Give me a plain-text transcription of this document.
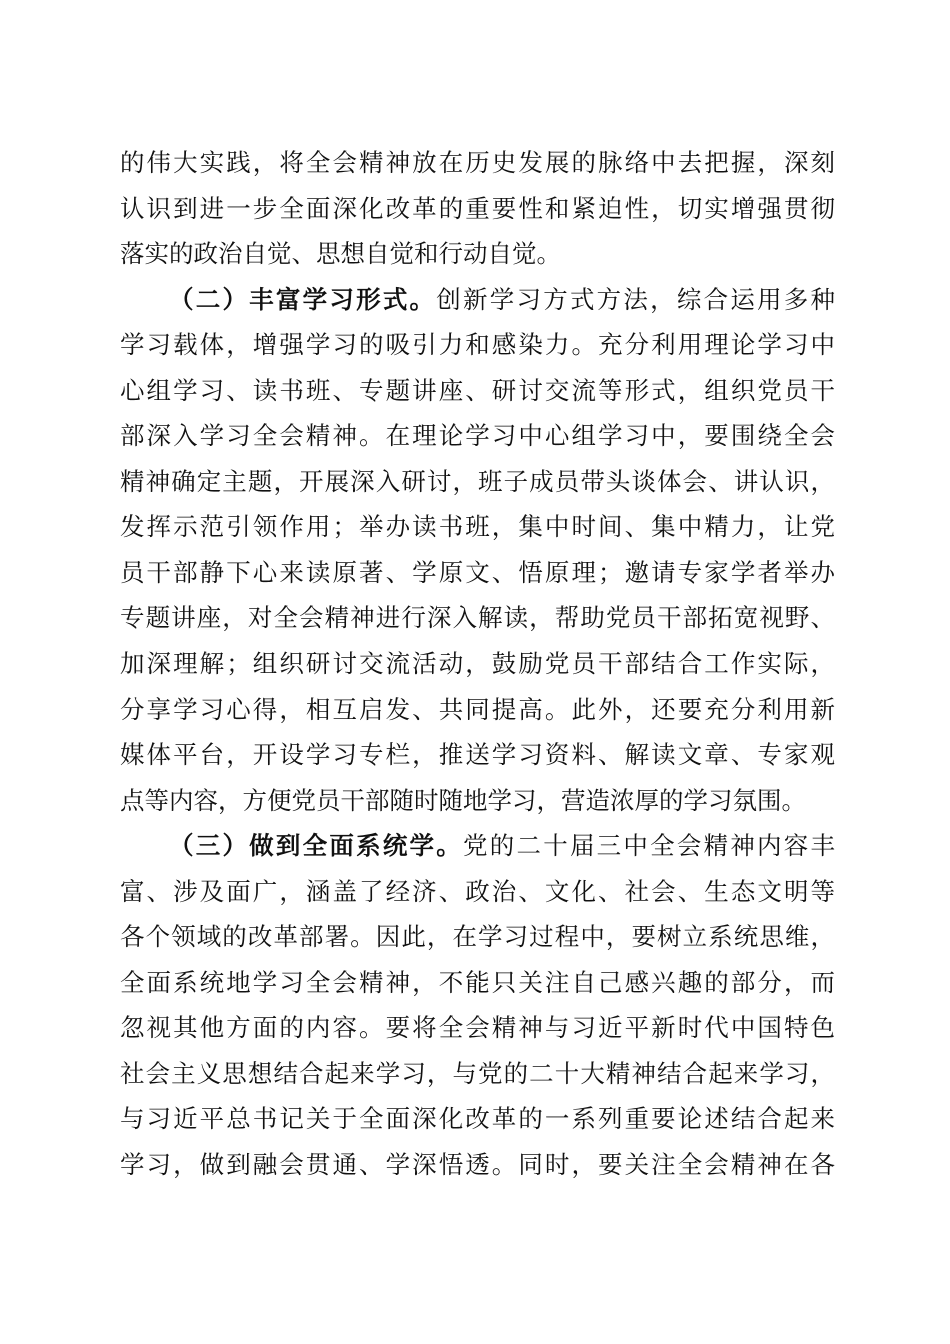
的伟大实践，将全会精神放在历史发展的脉络中去把握，深刻
认识到进一步全面深化改革的重要性和紧迫性，切实增强贯彻
落实的政治自觉、思想自觉和行动自觉。
（二）丰富学习形式。创新学习方式方法，综合运用多种
学习载体，增强学习的吸引力和感染力。充分利用理论学习中
心组学习、读书班、专题讲座、研讨交流等形式，组织党员干
部深入学习全会精神。在理论学习中心组学习中，要围绕全会
精神确定主题，开展深入研讨，班子成员带头谈体会、讲认识，
发挥示范引领作用；举办读书班，集中时间、集中精力，让党
员干部静下心来读原著、学原文、悟原理；邀请专家学者举办
专题讲座，对全会精神进行深入解读，帮助党员干部拓宽视野、
加深理解；组织研讨交流活动，鼓励党员干部结合工作实际，
分享学习心得，相互启发、共同提高。此外，还要充分利用新
媒体平台，开设学习专栏，推送学习资料、解读文章、专家观
点等内容，方便党员干部随时随地学习，营造浓厚的学习氛围。
（三）做到全面系统学。党的二十届三中全会精神内容丰
富、涉及面广，涵盖了经济、政治、文化、社会、生态文明等
各个领域的改革部署。因此，在学习过程中，要树立系统思维，
全面系统地学习全会精神，不能只关注自己感兴趣的部分，而
忽视其他方面的内容。要将全会精神与习近平新时代中国特色
社会主义思想结合起来学习，与党的二十大精神结合起来学习，
与习近平总书记关于全面深化改革的一系列重要论述结合起来
学习，做到融会贯通、学深悟透。同时，要关注全会精神在各
